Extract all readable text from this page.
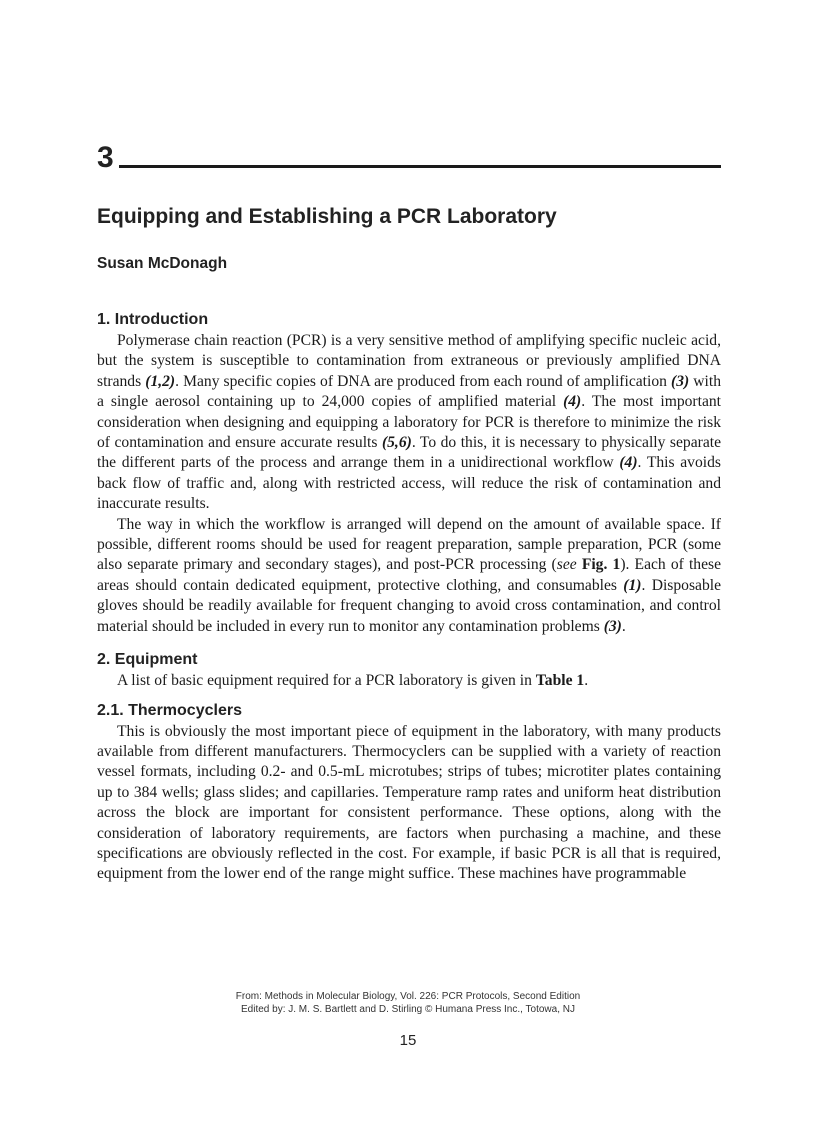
3
Equipping and Establishing a PCR Laboratory
Susan McDonagh
1. Introduction

Polymerase chain reaction (PCR) is a very sensitive method of amplifying specific nucleic acid, but the system is susceptible to contamination from extraneous or previously amplified DNA strands (1,2). Many specific copies of DNA are produced from each round of amplification (3) with a single aerosol containing up to 24,000 copies of amplified material (4). The most important consideration when designing and equipping a laboratory for PCR is therefore to minimize the risk of contamination and ensure accurate results (5,6). To do this, it is necessary to physically separate the different parts of the process and arrange them in a unidirectional workflow (4). This avoids back flow of traffic and, along with restricted access, will reduce the risk of contamination and inaccurate results.

The way in which the workflow is arranged will depend on the amount of available space. If possible, different rooms should be used for reagent preparation, sample preparation, PCR (some also separate primary and secondary stages), and post-PCR processing (see Fig. 1). Each of these areas should contain dedicated equipment, protective clothing, and consumables (1). Disposable gloves should be readily available for frequent changing to avoid cross contamination, and control material should be included in every run to monitor any contamination problems (3).

2. Equipment

A list of basic equipment required for a PCR laboratory is given in Table 1.

2.1. Thermocyclers

This is obviously the most important piece of equipment in the laboratory, with many products available from different manufacturers. Thermocyclers can be supplied with a variety of reaction vessel formats, including 0.2- and 0.5-mL microtubes; strips of tubes; microtiter plates containing up to 384 wells; glass slides; and capillaries. Temperature ramp rates and uniform heat distribution across the block are important for consistent performance. These options, along with the consideration of laboratory requirements, are factors when purchasing a machine, and these specifications are obviously reflected in the cost. For example, if basic PCR is all that is required, equipment from the lower end of the range might suffice. These machines have programmable

From: Methods in Molecular Biology, Vol. 226: PCR Protocols, Second Edition
Edited by: J. M. S. Bartlett and D. Stirling © Humana Press Inc., Totowa, NJ
15
